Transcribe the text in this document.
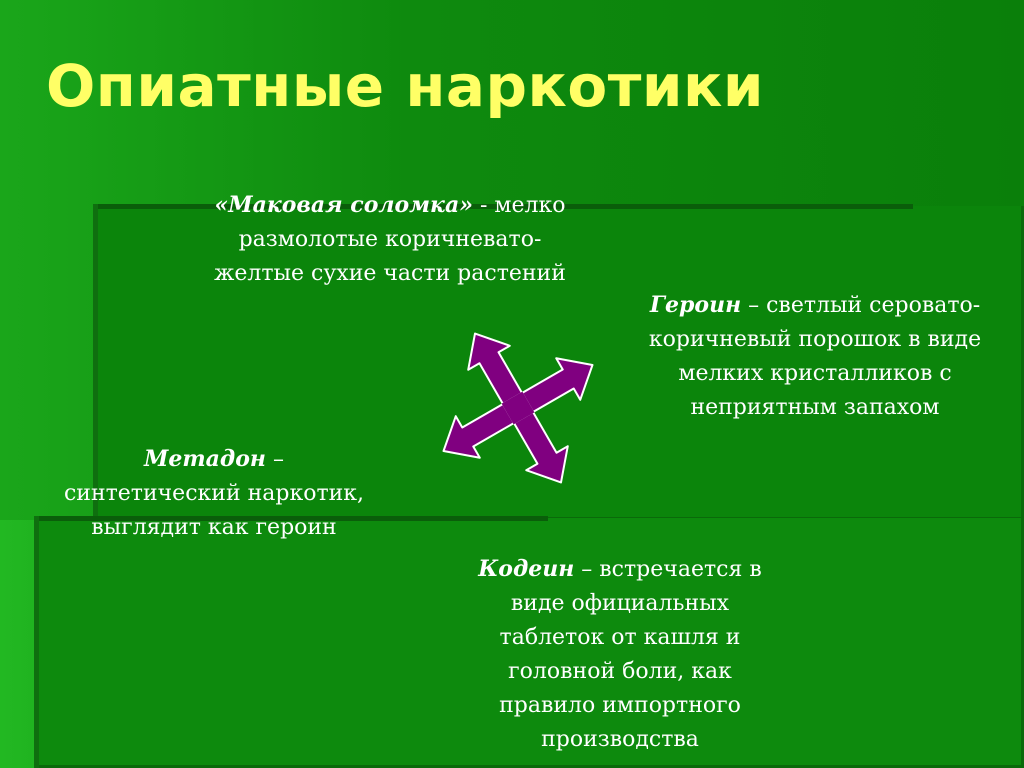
Опиатные наркотики
«Маковая соломка» - мелко
размолотые коричневато-
желтые сухие части растений
Героин – светлый серовато-
коричневый порошок в виде
мелких кристалликов с
неприятным запахом
Метадон –
синтетический наркотик,
выглядит как героин
Кодеин – встречается в
виде официальных
таблеток от кашля и
головной боли, как
правило импортного
производства
